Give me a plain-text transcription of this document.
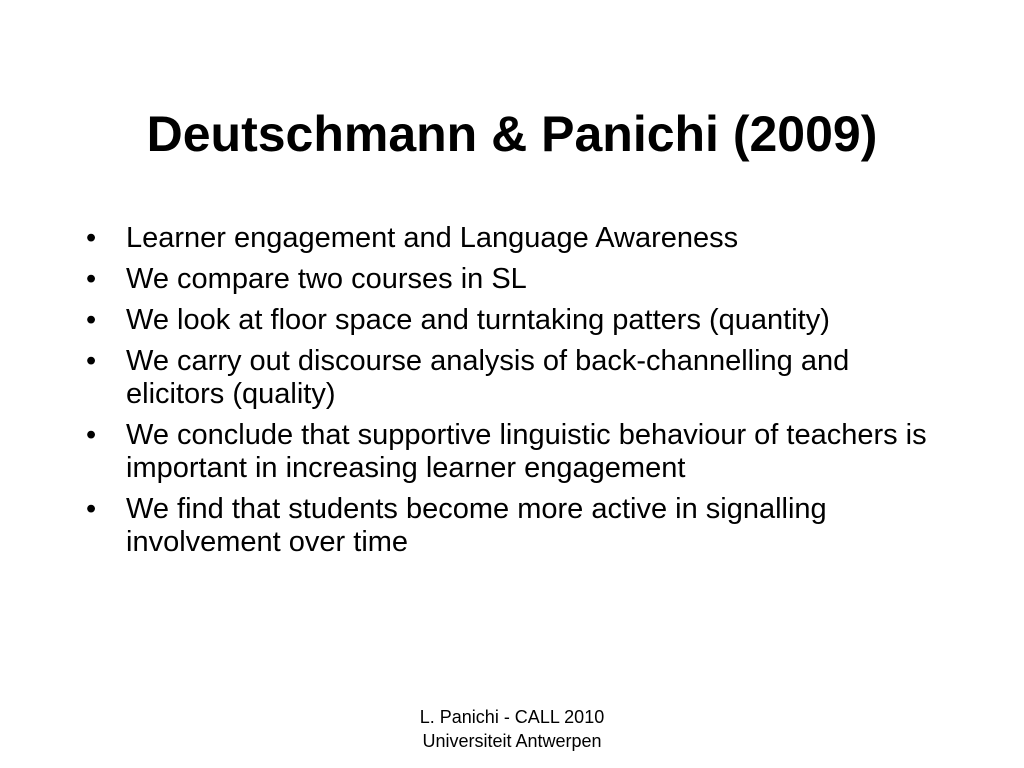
Deutschmann & Panichi (2009)
•	Learner engagement and Language Awareness
•	We compare two courses in SL
•	We look at floor space and turntaking patters (quantity)
•	We carry out discourse analysis of back-channelling and elicitors (quality)
•	We conclude that supportive linguistic behaviour of teachers is important in increasing learner engagement
•	We find that students become more active in signalling involvement over time
L. Panichi - CALL 2010
Universiteit Antwerpen
